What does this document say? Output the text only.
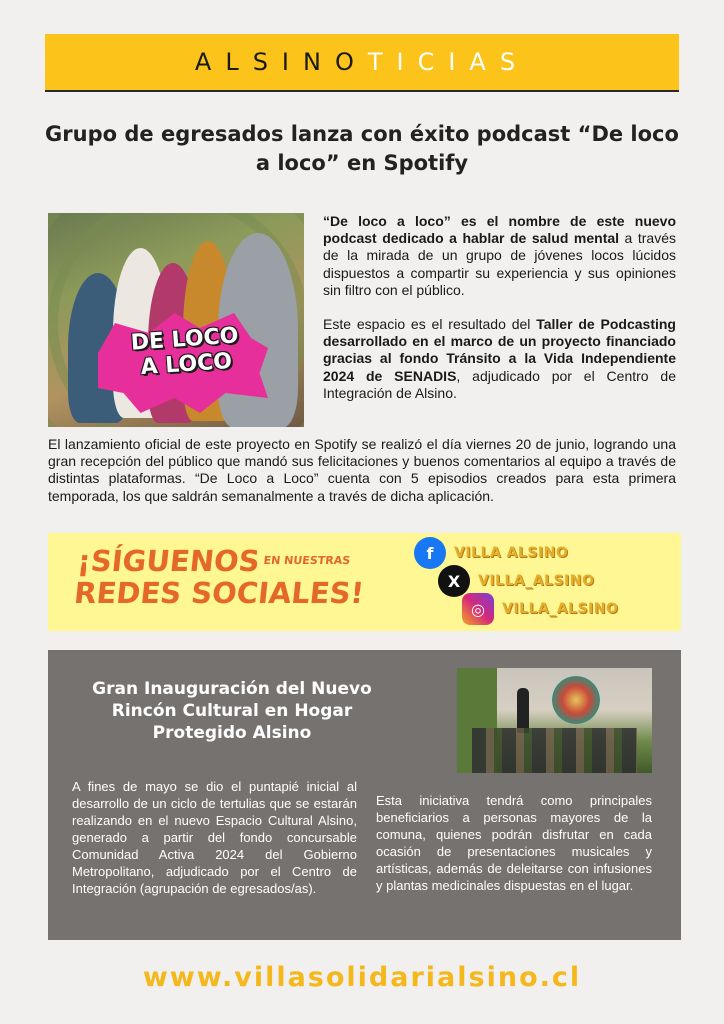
ALSINO TICIAS
Grupo de egresados lanza con éxito podcast “De loco a loco” en Spotify
DE LOCO
A LOCO

“De loco a loco” es el nombre de este nuevo podcast dedicado a hablar de salud mental a través de la mirada de un grupo de jóvenes locos lúcidos dispuestos a compartir su experiencia y sus opiniones sin filtro con el público.

Este espacio es el resultado del Taller de Podcasting desarrollado en el marco de un proyecto financiado gracias al fondo Tránsito a la Vida Independiente 2024 de SENADIS, adjudicado por el Centro de Integración de Alsino.

El lanzamiento oficial de este proyecto en Spotify se realizó el día viernes 20 de junio, logrando una gran recepción del público que mandó sus felicitaciones y buenos comentarios al equipo a través de distintas plataformas. “De Loco a Loco” cuenta con 5 episodios creados para esta primera temporada, los que saldrán semanalmente a través de dicha aplicación.

¡SÍGUENOS $^{EN NUESTRAS}$
REDES SOCIALES!
f	VILLA ALSINO
X	VILLA_ALSINO
◎	VILLA_ALSINO
Gran Inauguración del Nuevo Rincón Cultural en Hogar Protegido Alsino

A fines de mayo se dio el puntapié inicial al desarrollo de un ciclo de tertulias que se estarán realizando en el nuevo Espacio Cultural Alsino, generado a partir del fondo concursable Comunidad Activa 2024 del Gobierno Metropolitano, adjudicado por el Centro de Integración (agrupación de egresados/as).

Esta iniciativa tendrá como principales beneficiarios a personas mayores de la comuna, quienes podrán disfrutar en cada ocasión de presentaciones musicales y artísticas, además de deleitarse con infusiones y plantas medicinales dispuestas en el lugar.

www.villasolidarialsino.cl
